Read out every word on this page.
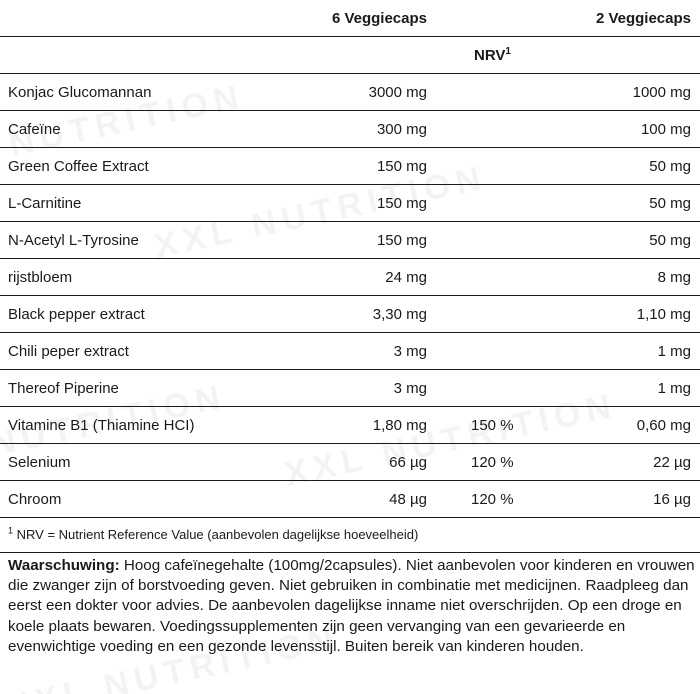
	6 Veggiecaps		2 Veggiecaps
		NRV$^1$	
Konjac Glucomannan	3000 mg		1000 mg
Cafeïne	300 mg		100 mg
Green Coffee Extract	150 mg		50 mg
L-Carnitine	150 mg		50 mg
N-Acetyl L-Tyrosine	150 mg		50 mg
rijstbloem	24 mg		8 mg
Black pepper extract	3,30 mg		1,10 mg
Chili peper extract	3 mg		1 mg
Thereof Piperine	3 mg		1 mg
Vitamine B1 (Thiamine HCI)	1,80 mg	150 %	0,60 mg
Selenium	66 µg	120 %	22 µg
Chroom	48 µg	120 %	16 µg
$^1$ NRV = Nutrient Reference Value (aanbevolen dagelijkse hoeveelheid)
Waarschuwing: Hoog cafeïnegehalte (100mg/2capsules). Niet aanbevolen voor kinderen en vrouwen die zwanger zijn of borstvoeding geven. Niet gebruiken in combinatie met medicijnen. Raadpleeg dan eerst een dokter voor advies. De aanbevolen dagelijkse inname niet overschrijden. Op een droge en koele plaats bewaren. Voedingssupplementen zijn geen vervanging van een gevarieerde en evenwichtige voeding en een gezonde levensstijl. Buiten bereik van kinderen houden.
